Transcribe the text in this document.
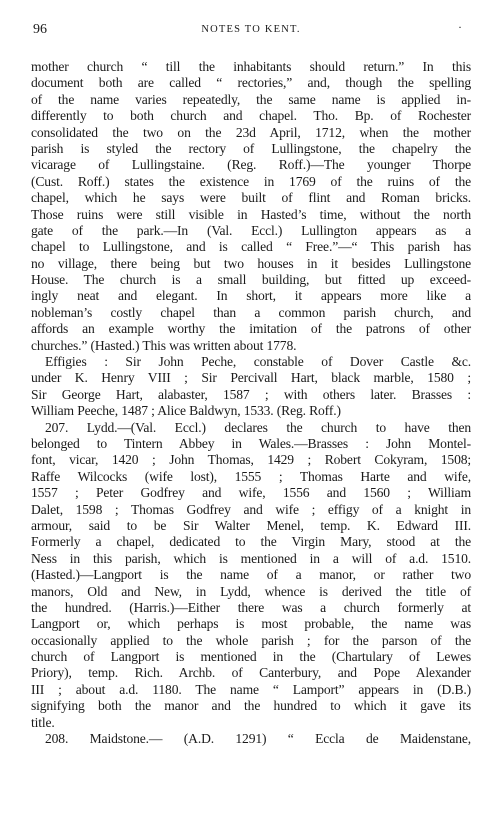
96	NOTES TO KENT.	·
mother church “ till the inhabitants should return.” In this
document both are called “ rectories,” and, though the spelling
of the name varies repeatedly, the same name is applied in-
differently to both church and chapel. Tho. Bp. of Rochester
consolidated the two on the 23d April, 1712, when the mother
parish is styled the rectory of Lullingstone, the chapelry the
vicarage of Lullingstaine. (Reg. Roff.)—The younger Thorpe
(Cust. Roff.) states the existence in 1769 of the ruins of the
chapel, which he says were built of flint and Roman bricks.
Those ruins were still visible in Hasted’s time, without the north
gate of the park.—In (Val. Eccl.) Lullington appears as a
chapel to Lullingstone, and is called “ Free.”—“ This parish has
no village, there being but two houses in it besides Lullingstone
House. The church is a small building, but fitted up exceed-
ingly neat and elegant. In short, it appears more like a
nobleman’s costly chapel than a common parish church, and
affords an example worthy the imitation of the patrons of other
churches.” (Hasted.) This was written about 1778.
Effigies : Sir John Peche, constable of Dover Castle &c.
under K. Henry VIII ; Sir Percivall Hart, black marble, 1580 ;
Sir George Hart, alabaster, 1587 ; with others later. Brasses :
William Peeche, 1487 ; Alice Baldwyn, 1533. (Reg. Roff.)
207. Lydd.—(Val. Eccl.) declares the church to have then
belonged to Tintern Abbey in Wales.—Brasses : John Montel-
font, vicar, 1420 ; John Thomas, 1429 ; Robert Cokyram, 1508;
Raffe Wilcocks (wife lost), 1555 ; Thomas Harte and wife,
1557 ; Peter Godfrey and wife, 1556 and 1560 ; William
Dalet, 1598 ; Thomas Godfrey and wife ; effigy of a knight in
armour, said to be Sir Walter Menel, temp. K. Edward III.
Formerly a chapel, dedicated to the Virgin Mary, stood at the
Ness in this parish, which is mentioned in a will of a.d. 1510.
(Hasted.)—Langport is the name of a manor, or rather two
manors, Old and New, in Lydd, whence is derived the title of
the hundred. (Harris.)—Either there was a church formerly at
Langport or, which perhaps is most probable, the name was
occasionally applied to the whole parish ; for the parson of the
church of Langport is mentioned in the (Chartulary of Lewes
Priory), temp. Rich. Archb. of Canterbury, and Pope Alexander
III ; about a.d. 1180. The name “ Lamport” appears in (D.B.)
signifying both the manor and the hundred to which it gave its
title.
208. Maidstone.— (A.D. 1291) “ Eccla de Maidenstane,
